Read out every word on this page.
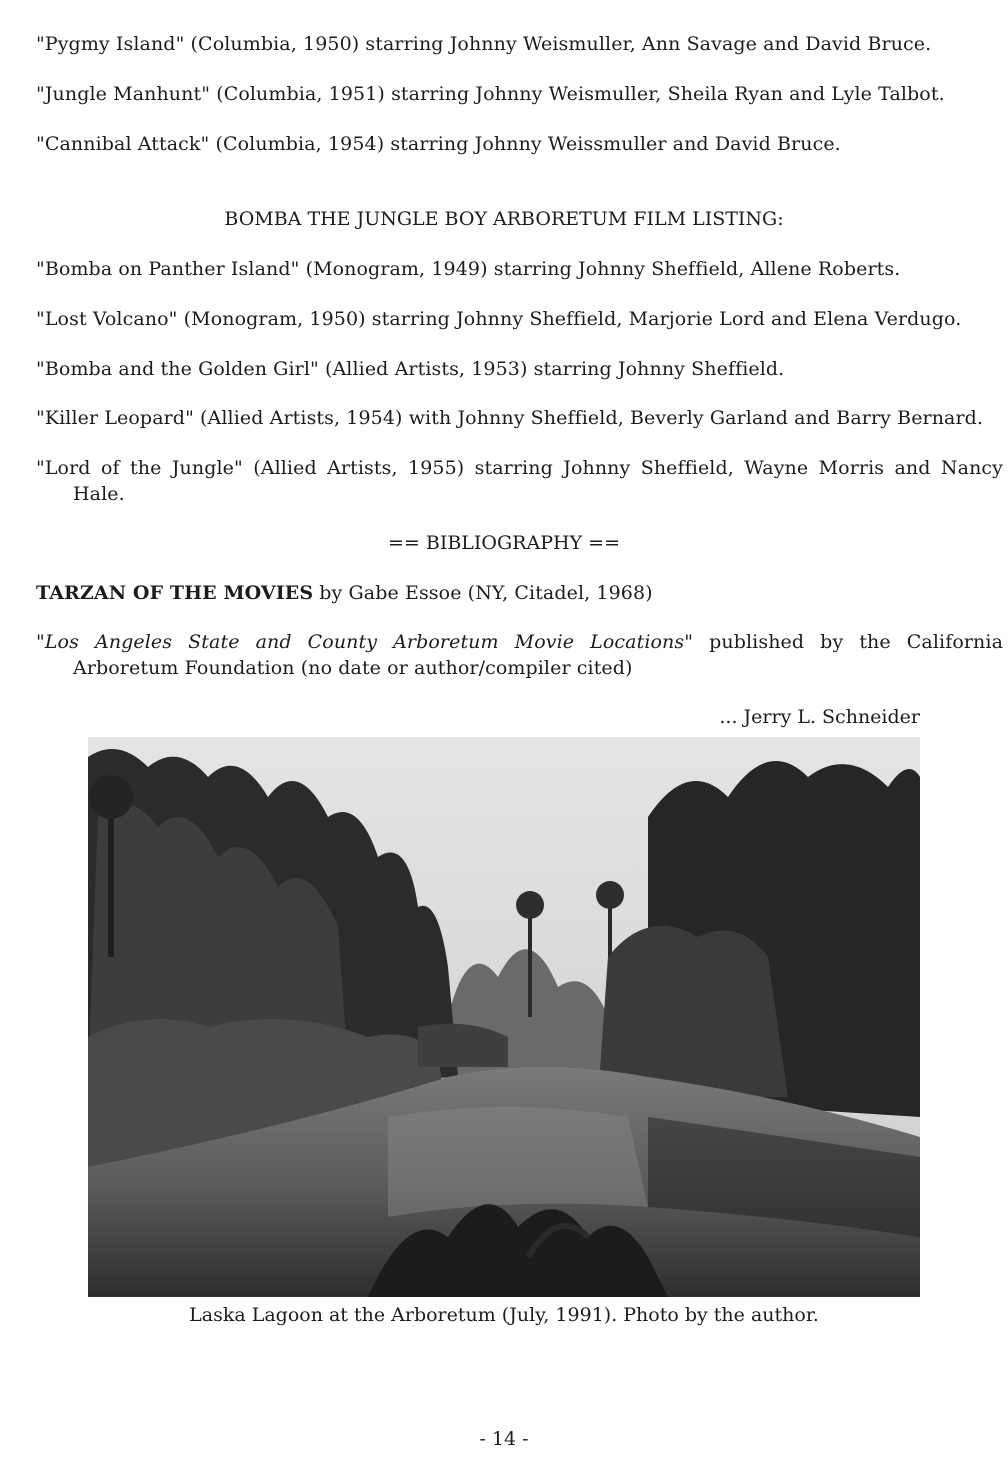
"Pygmy Island" (Columbia, 1950) starring Johnny Weismuller, Ann Savage and David Bruce.
"Jungle Manhunt" (Columbia, 1951) starring Johnny Weismuller, Sheila Ryan and Lyle Talbot.
"Cannibal Attack" (Columbia, 1954) starring Johnny Weissmuller and David Bruce.
BOMBA THE JUNGLE BOY ARBORETUM FILM LISTING:
"Bomba on Panther Island" (Monogram, 1949) starring Johnny Sheffield, Allene Roberts.
"Lost Volcano" (Monogram, 1950) starring Johnny Sheffield, Marjorie Lord and Elena Verdugo.
"Bomba and the Golden Girl" (Allied Artists, 1953) starring Johnny Sheffield.
"Killer Leopard" (Allied Artists, 1954) with Johnny Sheffield, Beverly Garland and Barry Bernard.
"Lord of the Jungle" (Allied Artists, 1955) starring Johnny Sheffield, Wayne Morris and Nancy Hale.
== BIBLIOGRAPHY ==
TARZAN OF THE MOVIES by Gabe Essoe (NY, Citadel, 1968)
"Los Angeles State and County Arboretum Movie Locations" published by the California Arboretum Foundation (no date or author/compiler cited)
... Jerry L. Schneider
Laska Lagoon at the Arboretum (July, 1991). Photo by the author.
- 14 -
